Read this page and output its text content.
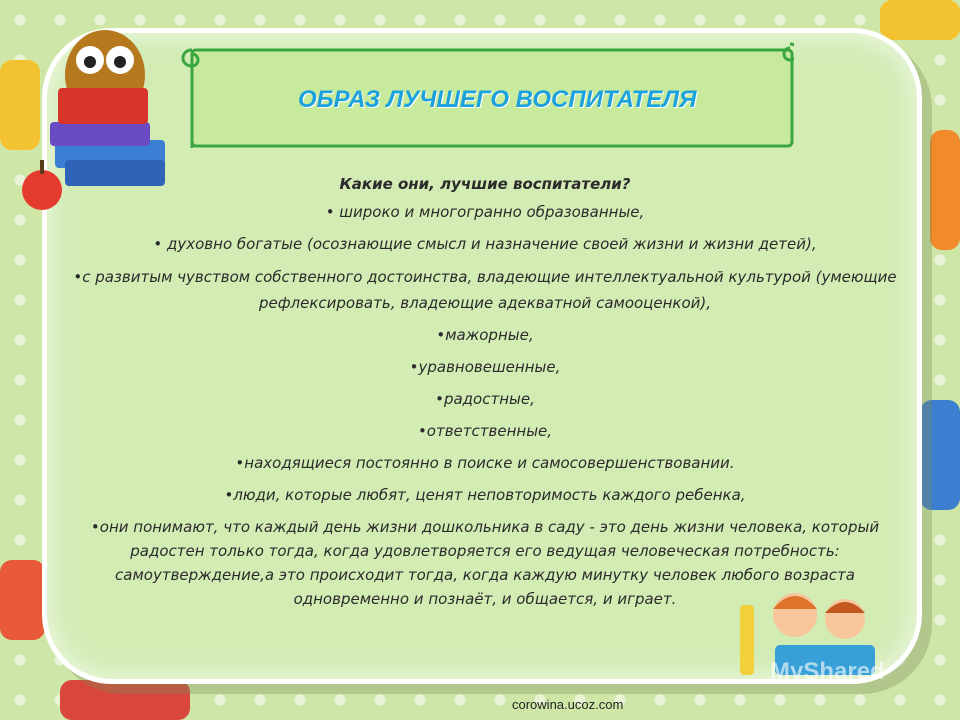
ОБРАЗ ЛУЧШЕГО ВОСПИТАТЕЛЯ

Какие они, лучшие воспитатели?

• широко и многогранно образованные,
• духовно богатые (осознающие смысл и назначение своей жизни и жизни детей),
•с развитым чувством собственного достоинства, владеющие интеллектуальной культурой (умеющие рефлексировать, владеющие адекватной самооценкой),
•мажорные,
•уравновешенные,
•радостные,
•ответственные,
•находящиеся постоянно в поиске и самосовершенствовании.
•люди, которые любят, ценят неповторимость каждого ребенка,
•они понимают, что каждый день жизни дошкольника в саду - это день жизни человека, который радостен только тогда, когда удовлетворяется его ведущая человеческая потребность: самоутверждение,а это происходит тогда, когда каждую минутку человек любого возраста одновременно и познаёт, и общается, и играет.
MyShared
corowina.ucoz.com
